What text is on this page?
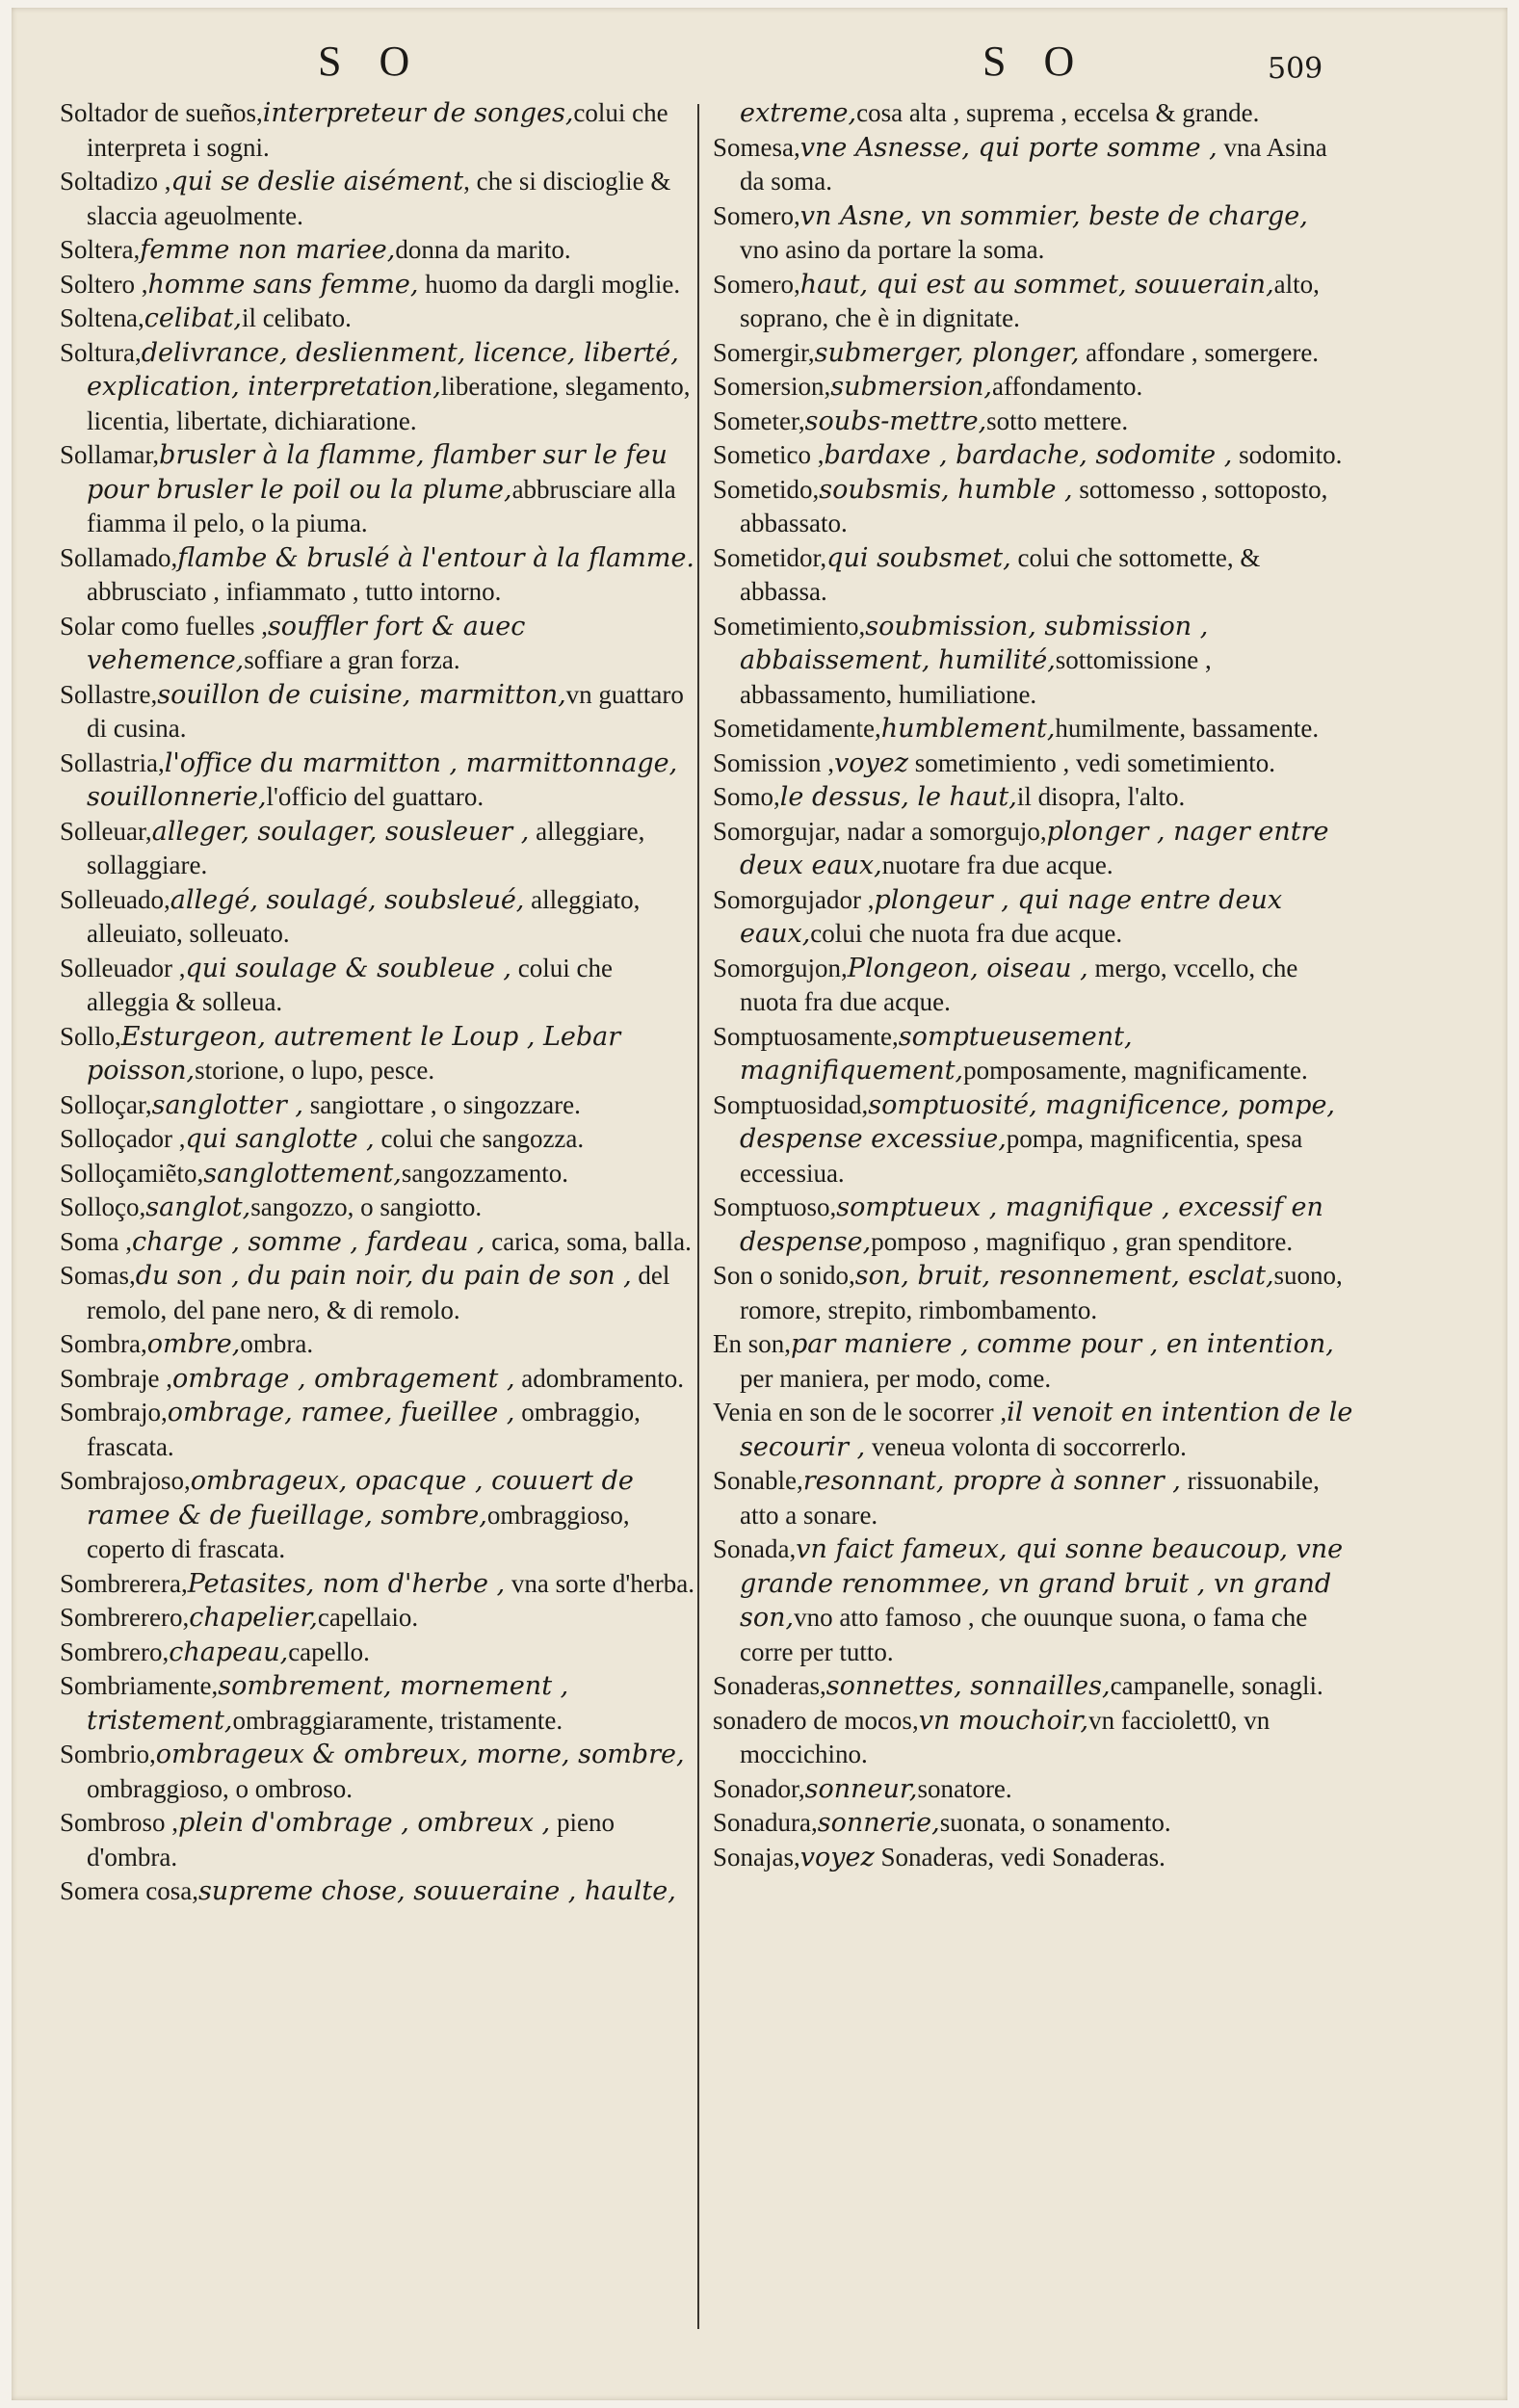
S O	S O	509

Soltador de sueños,interpreteur de songes,colui che interpreta i sogni.

Soltadizo ,qui se deslie aisément, che si discioglie & slaccia ageuolmente.

Soltera,femme non mariee,donna da marito.

Soltero ,homme sans femme, huomo da dargli moglie.

Soltena,celibat,il celibato.

Soltura,delivrance, deslienment, licence, liberté, explication, interpretation,liberatione, slegamento, licentia, libertate, dichiaratione.

Sollamar,brusler à la flamme, flamber sur le feu pour brusler le poil ou la plume,abbrusciare alla fiamma il pelo, o la piuma.

Sollamado,flambe & bruslé à l'entour à la flamme. abbrusciato , infiammato , tutto intorno.

Solar como fuelles ,souffler fort & auec vehemence,soffiare a gran forza.

Sollastre,souillon de cuisine, marmitton,vn guattaro di cusina.

Sollastria,l'office du marmitton , marmittonnage, souillonnerie,l'officio del guattaro.

Solleuar,alleger, soulager, sousleuer , alleggiare, sollaggiare.

Solleuado,allegé, soulagé, soubsleué, alleggiato, alleuiato, solleuato.

Solleuador ,qui soulage & soubleue , colui che alleggia & solleua.

Sollo,Esturgeon, autrement le Loup , Lebar poisson,storione, o lupo, pesce.

Solloçar,sanglotter , sangiottare , o singozzare.

Solloçador ,qui sanglotte , colui che sangozza.

Solloçamiẽto,sanglottement,sangozzamento.

Solloço,sanglot,sangozzo, o sangiotto.

Soma ,charge , somme , fardeau , carica, soma, balla.

Somas,du son , du pain noir, du pain de son , del remolo, del pane nero, & di remolo.

Sombra,ombre,ombra.

Sombraje ,ombrage , ombragement , adombramento.

Sombrajo,ombrage, ramee, fueillee , ombraggio, frascata.

Sombrajoso,ombrageux, opacque , couuert de ramee & de fueillage, sombre,ombraggioso, coperto di frascata.

Sombrerera,Petasites, nom d'herbe , vna sorte d'herba.

Sombrerero,chapelier,capellaio.

Sombrero,chapeau,capello.

Sombriamente,sombrement, mornement , tristement,ombraggiaramente, tristamente.

Sombrio,ombrageux & ombreux, morne, sombre, ombraggioso, o ombroso.

Sombroso ,plein d'ombrage , ombreux , pieno d'ombra.

Somera cosa,supreme chose, souueraine , haulte,

extreme,cosa alta , suprema , eccelsa & grande.

Somesa,vne Asnesse, qui porte somme , vna Asina da soma.

Somero,vn Asne, vn sommier, beste de charge, vno asino da portare la soma.

Somero,haut, qui est au sommet, souuerain,alto, soprano, che è in dignitate.

Somergir,submerger, plonger, affondare , somergere.

Somersion,submersion,affondamento.

Someter,soubs-mettre,sotto mettere.

Sometico ,bardaxe , bardache, sodomite , sodomito.

Sometido,soubsmis, humble , sottomesso , sottoposto, abbassato.

Sometidor,qui soubsmet, colui che sottomette, & abbassa.

Sometimiento,soubmission, submission , abbaissement, humilité,sottomissione , abbassamento, humiliatione.

Sometidamente,humblement,humilmente, bassamente.

Somission ,voyez sometimiento , vedi sometimiento.

Somo,le dessus, le haut,il disopra, l'alto.

Somorgujar, nadar a somorgujo,plonger , nager entre deux eaux,nuotare fra due acque.

Somorgujador ,plongeur , qui nage entre deux eaux,colui che nuota fra due acque.

Somorgujon,Plongeon, oiseau , mergo, vccello, che nuota fra due acque.

Somptuosamente,somptueusement, magnifiquement,pomposamente, magnificamente.

Somptuosidad,somptuosité, magnificence, pompe, despense excessiue,pompa, magnificentia, spesa eccessiua.

Somptuoso,somptueux , magnifique , excessif en despense,pomposo , magnifiquo , gran spenditore.

Son o sonido,son, bruit, resonnement, esclat,suono, romore, strepito, rimbombamento.

En son,par maniere , comme pour , en intention, per maniera, per modo, come.

Venia en son de le socorrer ,il venoit en intention de le secourir , veneua volonta di soccorrerlo.

Sonable,resonnant, propre à sonner , rissuonabile, atto a sonare.

Sonada,vn faict fameux, qui sonne beaucoup, vne grande renommee, vn grand bruit , vn grand son,vno atto famoso , che ouunque suona, o fama che corre per tutto.

Sonaderas,sonnettes, sonnailles,campanelle, sonagli.

sonadero de mocos,vn mouchoir,vn facciolett0, vn moccichino.

Sonador,sonneur,sonatore.

Sonadura,sonnerie,suonata, o sonamento.

Sonajas,voyez Sonaderas, vedi Sonaderas.
